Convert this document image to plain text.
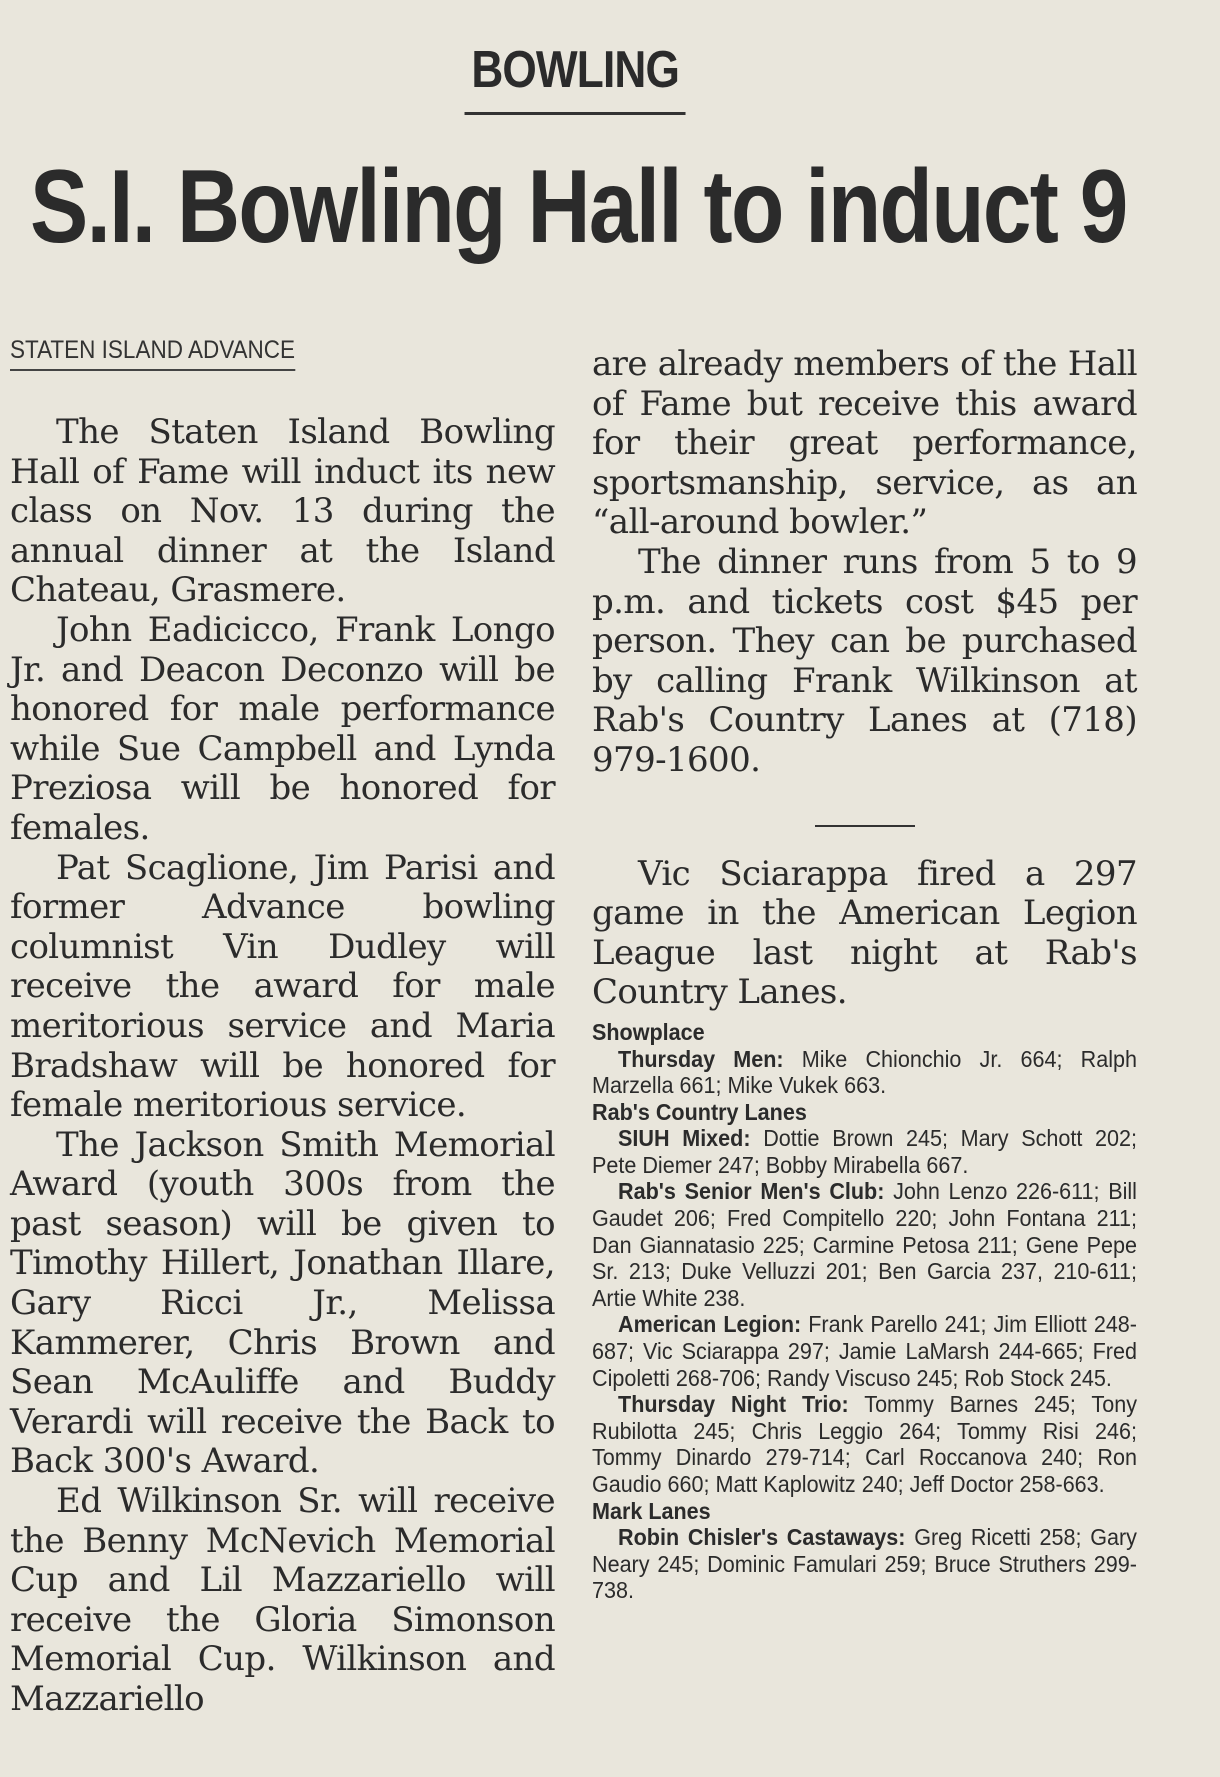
BOWLING
S.I. Bowling Hall to induct 9
STATEN ISLAND ADVANCE

The Staten Island Bowling Hall of Fame will induct its new class on Nov. 13 during the annual dinner at the Island Chateau, Grasmere.

John Eadicicco, Frank Longo Jr. and Deacon Deconzo will be honored for male performance while Sue Campbell and Lynda Preziosa will be honored for females.

Pat Scaglione, Jim Parisi and former Advance bowling columnist Vin Dudley will receive the award for male meritorious service and Maria Bradshaw will be honored for female meritorious service.

The Jackson Smith Memorial Award (youth 300s from the past season) will be given to Timothy Hillert, Jonathan Illare, Gary Ricci Jr., Melissa Kammerer, Chris Brown and Sean McAuliffe and Buddy Verardi will receive the Back to Back 300's Award.

Ed Wilkinson Sr. will receive the Benny McNevich Memorial Cup and Lil Mazzariello will receive the Gloria Simonson Memorial Cup. Wilkinson and Mazzariello

are already members of the Hall of Fame but receive this award for their great performance, sportsmanship, service, as an “all-around bowler.”

The dinner runs from 5 to 9 p.m. and tickets cost $45 per person. They can be purchased by calling Frank Wilkinson at Rab's Country Lanes at (718) 979-1600.

Vic Sciarappa fired a 297 game in the American Legion League last night at Rab's Country Lanes.

Showplace

Thursday Men: Mike Chionchio Jr. 664; Ralph Marzella 661; Mike Vukek 663.

Rab's Country Lanes

SIUH Mixed: Dottie Brown 245; Mary Schott 202; Pete Diemer 247; Bobby Mirabella 667.

Rab's Senior Men's Club: John Lenzo 226-611; Bill Gaudet 206; Fred Compitello 220; John Fontana 211; Dan Giannatasio 225; Carmine Petosa 211; Gene Pepe Sr. 213; Duke Velluzzi 201; Ben Garcia 237, 210-611; Artie White 238.

American Legion: Frank Parello 241; Jim Elliott 248-687; Vic Sciarappa 297; Jamie LaMarsh 244-665; Fred Cipoletti 268-706; Randy Viscuso 245; Rob Stock 245.

Thursday Night Trio: Tommy Barnes 245; Tony Rubilotta 245; Chris Leggio 264; Tommy Risi 246; Tommy Dinardo 279-714; Carl Roccanova 240; Ron Gaudio 660; Matt Kaplowitz 240; Jeff Doctor 258-663.

Mark Lanes

Robin Chisler's Castaways: Greg Ricetti 258; Gary Neary 245; Dominic Famulari 259; Bruce Struthers 299-738.
